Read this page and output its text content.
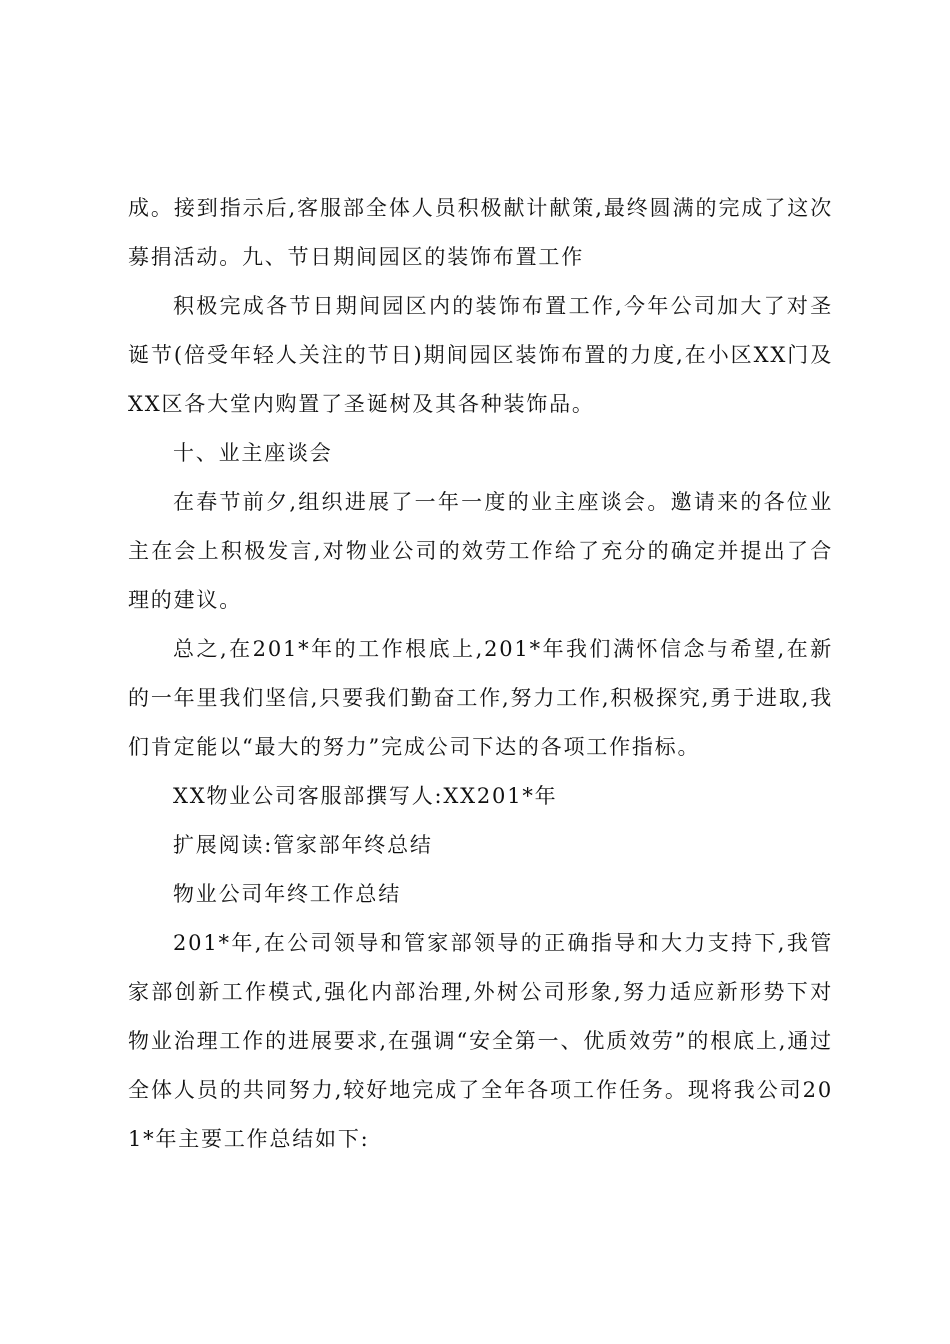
成。接到指示后,客服部全体人员积极献计献策,最终圆满的完成了这次募捐活动。九、节日期间园区的装饰布置工作

积极完成各节日期间园区内的装饰布置工作,今年公司加大了对圣诞节(倍受年轻人关注的节日)期间园区装饰布置的力度,在小区XX门及XX区各大堂内购置了圣诞树及其各种装饰品。

十、业主座谈会

在春节前夕,组织进展了一年一度的业主座谈会。邀请来的各位业主在会上积极发言,对物业公司的效劳工作给了充分的确定并提出了合理的建议。

总之,在201*年的工作根底上,201*年我们满怀信念与希望,在新的一年里我们坚信,只要我们勤奋工作,努力工作,积极探究,勇于进取,我们肯定能以“最大的努力”完成公司下达的各项工作指标。

XX物业公司客服部撰写人:XX201*年

扩展阅读:管家部年终总结

物业公司年终工作总结

201*年,在公司领导和管家部领导的正确指导和大力支持下,我管家部创新工作模式,强化内部治理,外树公司形象,努力适应新形势下对物业治理工作的进展要求,在强调“安全第一、优质效劳”的根底上,通过全体人员的共同努力,较好地完成了全年各项工作任务。现将我公司201*年主要工作总结如下:
